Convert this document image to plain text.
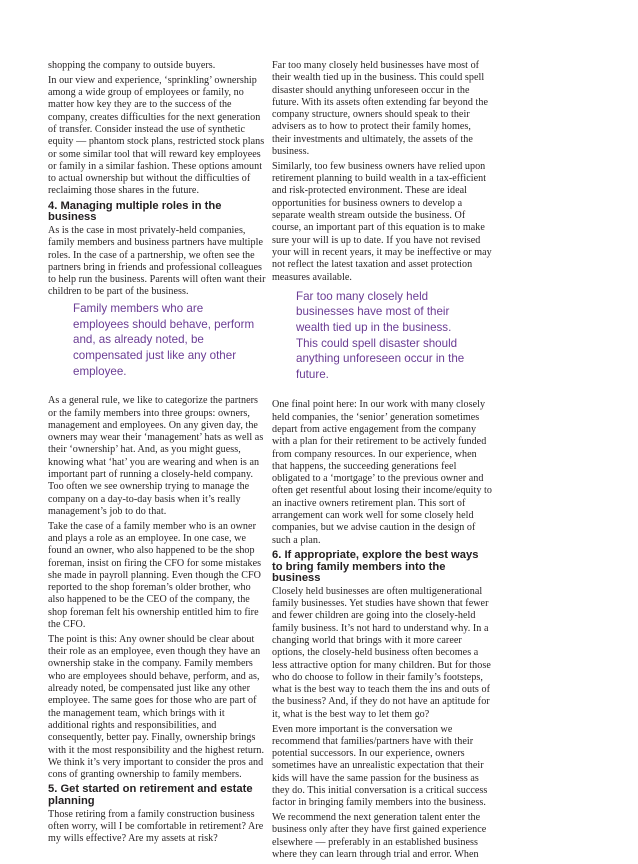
shopping the company to outside buyers.

In our view and experience, ‘sprinkling’ ownership among a wide group of employees or family, no matter how key they are to the success of the company, creates difficulties for the next generation of transfer. Consider instead the use of synthetic equity — phantom stock plans, restricted stock plans or some similar tool that will reward key employees or family in a similar fashion. These options amount to actual ownership but without the difficulties of reclaiming those shares in the future.

4. Managing multiple roles in the business

As is the case in most privately-held companies, family members and business partners have multiple roles. In the case of a partnership, we often see the partners bring in friends and professional colleagues to help run the business. Parents will often want their children to be part of the business.

Family members who are employees should behave, perform and, as already noted, be compensated just like any other employee.

As a general rule, we like to categorize the partners or the family members into three groups: owners, management and employees. On any given day, the owners may wear their ‘management’ hats as well as their ‘ownership’ hat. And, as you might guess, knowing what ‘hat’ you are wearing and when is an important part of running a closely-held company. Too often we see ownership trying to manage the company on a day-to-day basis when it’s really management’s job to do that.

Take the case of a family member who is an owner and plays a role as an employee. In one case, we found an owner, who also happened to be the shop foreman, insist on firing the CFO for some mistakes she made in payroll planning. Even though the CFO reported to the shop foreman’s older brother, who also happened to be the CEO of the company, the shop foreman felt his ownership entitled him to fire the CFO.

The point is this: Any owner should be clear about their role as an employee, even though they have an ownership stake in the company. Family members who are employees should behave, perform, and as, already noted, be compensated just like any other employee. The same goes for those who are part of the management team, which brings with it additional rights and responsibilities, and consequently, better pay. Finally, ownership brings with it the most responsibility and the highest return. We think it’s very important to consider the pros and cons of granting ownership to family members.

5. Get started on retirement and estate planning

Those retiring from a family construction business often worry, will I be comfortable in retirement? Are my wills effective? Are my assets at risk?

Far too many closely held businesses have most of their wealth tied up in the business. This could spell disaster should anything unforeseen occur in the future. With its assets often extending far beyond the company structure, owners should speak to their advisers as to how to protect their family homes, their investments and ultimately, the assets of the business.

Similarly, too few business owners have relied upon retirement planning to build wealth in a tax-efficient and risk-protected environment. These are ideal opportunities for business owners to develop a separate wealth stream outside the business. Of course, an important part of this equation is to make sure your will is up to date. If you have not revised your will in recent years, it may be ineffective or may not reflect the latest taxation and asset protection measures available.

Far too many closely held businesses have most of their wealth tied up in the business. This could spell disaster should anything unforeseen occur in the future.

One final point here: In our work with many closely held companies, the ‘senior’ generation sometimes depart from active engagement from the company with a plan for their retirement to be actively funded from company resources. In our experience, when that happens, the succeeding generations feel obligated to a ‘mortgage’ to the previous owner and often get resentful about losing their income/equity to an inactive owners retirement plan. This sort of arrangement can work well for some closely held companies, but we advise caution in the design of such a plan.

6. If appropriate, explore the best ways to bring family members into the business

Closely held businesses are often multigenerational family businesses. Yet studies have shown that fewer and fewer children are going into the closely-held family business. It’s not hard to understand why. In a changing world that brings with it more career options, the closely-held business often becomes a less attractive option for many children. But for those who do choose to follow in their family’s footsteps, what is the best way to teach them the ins and outs of the business? And, if they do not have an aptitude for it, what is the best way to let them go?

Even more important is the conversation we recommend that families/partners have with their potential successors. In our experience, owners sometimes have an unrealistic expectation that their kids will have the same passion for the business as they do. This initial conversation is a critical success factor in bringing family members into the business.

We recommend the next generation talent enter the business only after they have first gained experience elsewhere — preferably in an established business where they can learn through trial and error. When
